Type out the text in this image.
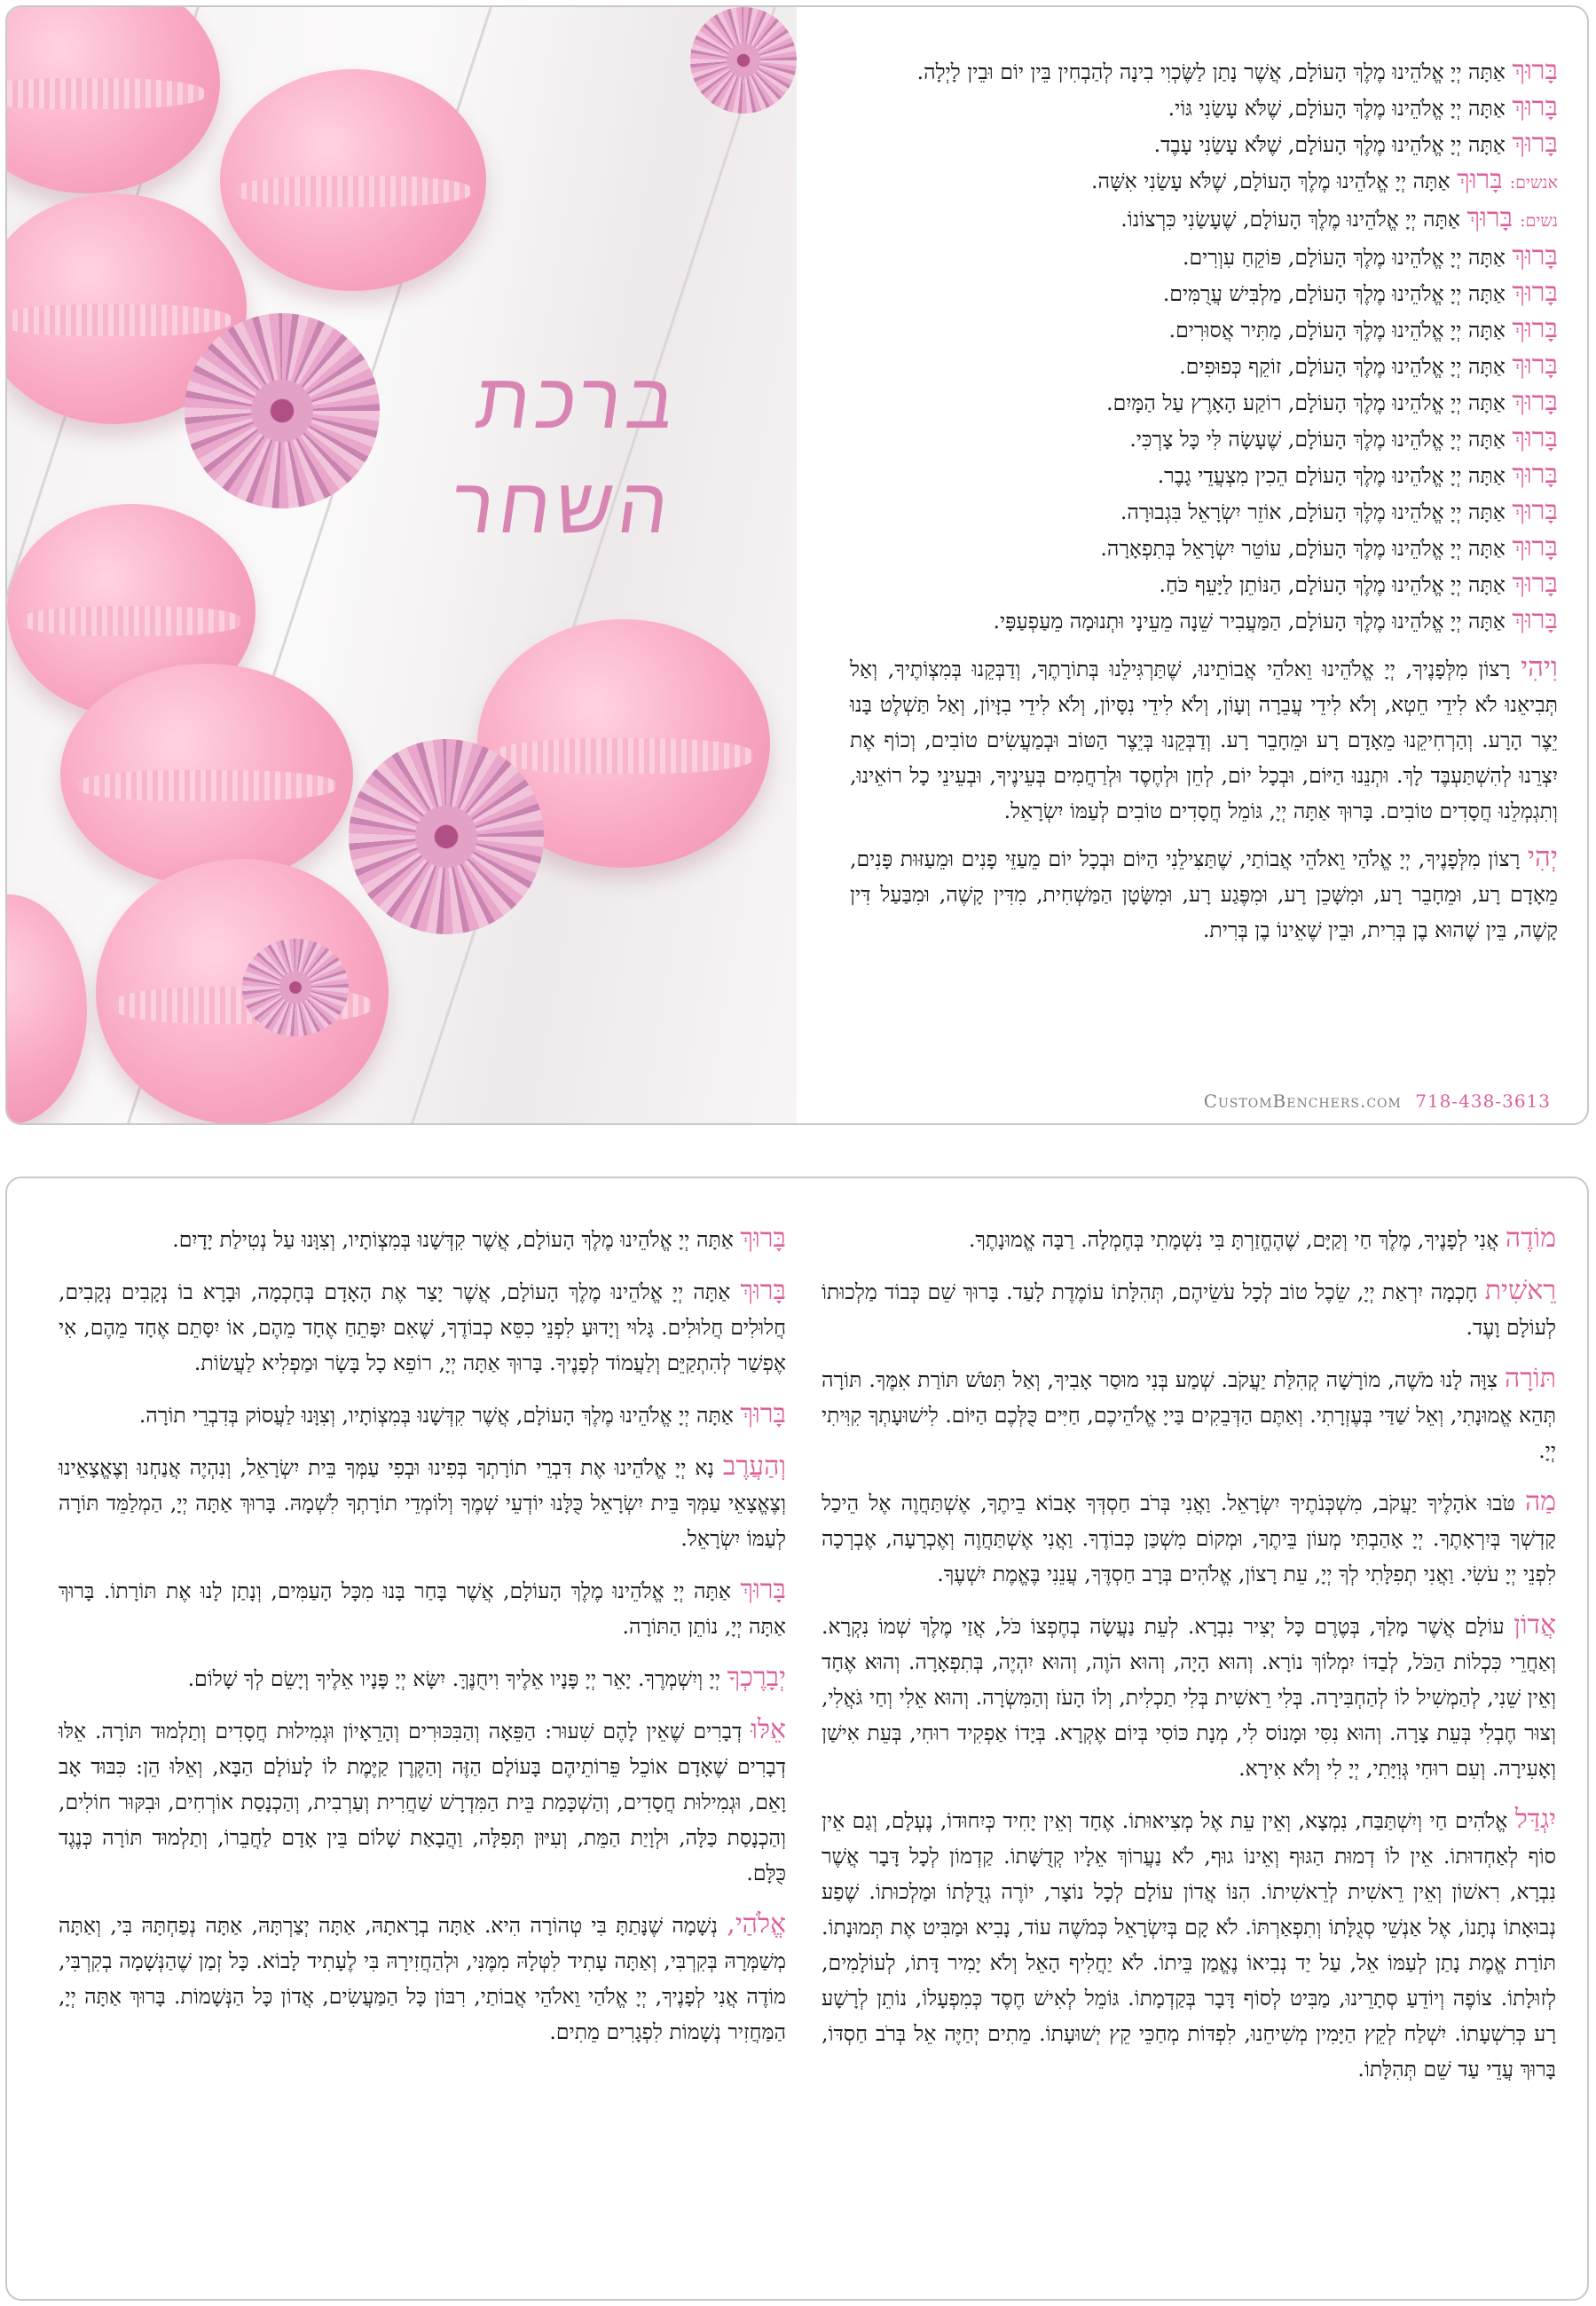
ברכת
השחר

בָּרוּךְ אַתָּה יְיָ אֱלֹהֵינוּ מֶלֶךְ הָעוֹלָם, אֲשֶׁר נָתַן לַשֶּׂכְוִי בִינָה לְהַבְחִין בֵּין יוֹם וּבֵין לָיְלָה.

בָּרוּךְ אַתָּה יְיָ אֱלֹהֵינוּ מֶלֶךְ הָעוֹלָם, שֶׁלֹּא עָשַׂנִי גּוֹי.

בָּרוּךְ אַתָּה יְיָ אֱלֹהֵינוּ מֶלֶךְ הָעוֹלָם, שֶׁלֹּא עָשַׂנִי עָבֶד.

אנשים:בָּרוּךְ אַתָּה יְיָ אֱלֹהֵינוּ מֶלֶךְ הָעוֹלָם, שֶׁלֹּא עָשַׂנִי אִשָּׁה.

נשים:בָּרוּךְ אַתָּה יְיָ אֱלֹהֵינוּ מֶלֶךְ הָעוֹלָם, שֶׁעָשַׂנִי כִּרְצוֹנוֹ.

בָּרוּךְ אַתָּה יְיָ אֱלֹהֵינוּ מֶלֶךְ הָעוֹלָם, פּוֹקֵחַ עִוְרִים.

בָּרוּךְ אַתָּה יְיָ אֱלֹהֵינוּ מֶלֶךְ הָעוֹלָם, מַלְבִּישׁ עֲרֻמִּים.

בָּרוּךְ אַתָּה יְיָ אֱלֹהֵינוּ מֶלֶךְ הָעוֹלָם, מַתִּיר אֲסוּרִים.

בָּרוּךְ אַתָּה יְיָ אֱלֹהֵינוּ מֶלֶךְ הָעוֹלָם, זוֹקֵף כְּפוּפִים.

בָּרוּךְ אַתָּה יְיָ אֱלֹהֵינוּ מֶלֶךְ הָעוֹלָם, רוֹקַע הָאָרֶץ עַל הַמָּיִם.

בָּרוּךְ אַתָּה יְיָ אֱלֹהֵינוּ מֶלֶךְ הָעוֹלָם, שֶׁעָשָׂה לִּי כָּל צָרְכִּי.

בָּרוּךְ אַתָּה יְיָ אֱלֹהֵינוּ מֶלֶךְ הָעוֹלָם הֵכִין מִצְעֲדֵי גָבֶר.

בָּרוּךְ אַתָּה יְיָ אֱלֹהֵינוּ מֶלֶךְ הָעוֹלָם, אוֹזֵר יִשְׂרָאֵל בִּגְבוּרָה.

בָּרוּךְ אַתָּה יְיָ אֱלֹהֵינוּ מֶלֶךְ הָעוֹלָם, עוֹטֵר יִשְׂרָאֵל בְּתִפְאָרָה.

בָּרוּךְ אַתָּה יְיָ אֱלֹהֵינוּ מֶלֶךְ הָעוֹלָם, הַנּוֹתֵן לַיָּעֵף כֹּחַ.

בָּרוּךְ אַתָּה יְיָ אֱלֹהֵינוּ מֶלֶךְ הָעוֹלָם, הַמַּעֲבִיר שֵׁנָה מֵעֵינָי וּתְנוּמָה מֵעַפְעַפָּי.

וִיהִי רָצוֹן מִלְּפָנֶיךָ, יְיָ אֱלֹהֵינוּ וֵאלֹהֵי אֲבוֹתֵינוּ, שֶׁתַּרְגִּילֵנוּ בְּתוֹרָתֶךָ, וְדַבְּקֵנוּ בְּמִצְוֹתֶיךָ, וְאַל תְּבִיאֵנוּ לֹא לִידֵי חֵטְא, וְלֹא לִידֵי עֲבֵרָה וְעָוֹן, וְלֹא לִידֵי נִסָּיוֹן, וְלֹא לִידֵי בִזָּיוֹן, וְאַל תַּשְׁלֶט בָּנוּ יֵצֶר הָרָע. וְהַרְחִיקֵנוּ מֵאָדָם רָע וּמֵחָבֵר רָע. וְדַבְּקֵנוּ בְּיֵצֶר הַטּוֹב וּבְמַעֲשִׂים טוֹבִים, וְכוֹף אֶת יִצְרֵנוּ לְהִשְׁתַּעְבֶּד לָךְ. וּתְנֵנוּ הַיּוֹם, וּבְכָל יוֹם, לְחֵן וּלְחֶסֶד וּלְרַחֲמִים בְּעֵינֶיךָ, וּבְעֵינֵי כָל רוֹאֵינוּ, וְתִגְמְלֵנוּ חֲסָדִים טוֹבִים. בָּרוּךְ אַתָּה יְיָ, גּוֹמֵל חֲסָדִים טוֹבִים לְעַמּוֹ יִשְׂרָאֵל.

יְהִי רָצוֹן מִלְּפָנֶיךָ, יְיָ אֱלֹהַי וֵאלֹהֵי אֲבוֹתַי, שֶׁתַּצִּילֵנִי הַיּוֹם וּבְכָל יוֹם מֵעַזֵּי פָנִים וּמֵעַזּוּת פָּנִים, מֵאָדָם רָע, וּמֵחָבֵר רָע, וּמִשָּׁכֵן רָע, וּמִפֶּגַע רָע, וּמִשָּׂטָן הַמַּשְׁחִית, מִדִּין קָשֶׁה, וּמִבַּעַל דִּין קָשֶׁה, בֵּין שֶׁהוּא בֶן בְּרִית, וּבֵין שֶׁאֵינוֹ בֶן בְּרִית.

CustomBenchers.com 718-438-3613

מוֹדֶה אֲנִי לְפָנֶיךָ, מֶלֶךְ חַי וְקַיָּם, שֶׁהֶחֱזַרְתָּ בִּי נִשְׁמָתִי בְּחֶמְלָה. רַבָּה אֱמוּנָתֶךָ.

רֵאשִׁית חָכְמָה יִרְאַת יְיָ, שֵׂכֶל טוֹב לְכָל עֹשֵׂיהֶם, תְּהִלָּתוֹ עוֹמֶדֶת לָעַד. בָּרוּךְ שֵׁם כְּבוֹד מַלְכוּתוֹ לְעוֹלָם וָעֶד.

תּוֹרָה צִוָּה לָנוּ מֹשֶׁה, מוֹרָשָׁה קְהִלַּת יַעֲקֹב. שְׁמַע בְּנִי מוּסַר אָבִיךָ, וְאַל תִּטֹּשׁ תּוֹרַת אִמֶּךָ. תּוֹרָה תְּהֵא אֱמוּנָתִי, וְאֵל שַׁדַּי בְּעֶזְרָתִי. וְאַתֶּם הַדְּבֵקִים בַּייָ אֱלֹהֵיכֶם, חַיִּים כֻּלְּכֶם הַיּוֹם. לִישׁוּעָתְךָ קִוִּיתִי יְיָ.

מַה טֹּבוּ אֹהָלֶיךָ יַעֲקֹב, מִשְׁכְּנֹתֶיךָ יִשְׂרָאֵל. וַאֲנִי בְּרֹב חַסְדְּךָ אָבוֹא בֵיתֶךָ, אֶשְׁתַּחֲוֶה אֶל הֵיכַל קָדְשְׁךָ בְּיִרְאָתֶךָ. יְיָ אָהַבְתִּי מְעוֹן בֵּיתֶךָ, וּמְקוֹם מִשְׁכַּן כְּבוֹדֶךָ. וַאֲנִי אֶשְׁתַּחֲוֶה וְאֶכְרָעָה, אֶבְרְכָה לִפְנֵי יְיָ עֹשִׂי. וַאֲנִי תְפִלָּתִי לְךָ יְיָ, עֵת רָצוֹן, אֱלֹהִים בְּרָב חַסְדֶּךָ, עֲנֵנִי בֶּאֱמֶת יִשְׁעֶךָ.

אֲדוֹן עוֹלָם אֲשֶׁר מָלַךְ, בְּטֶרֶם כָּל יְצִיר נִבְרָא. לְעֵת נַעֲשָׂה בְחֶפְצוֹ כֹּל, אֲזַי מֶלֶךְ שְׁמוֹ נִקְרָא. וְאַחֲרֵי כִּכְלוֹת הַכֹּל, לְבַדּוֹ יִמְלוֹךְ נוֹרָא. וְהוּא הָיָה, וְהוּא הֹוֶה, וְהוּא יִהְיֶה, בְּתִפְאָרָה. וְהוּא אֶחָד וְאֵין שֵׁנִי, לְהַמְשִׁיל לוֹ לְהַחְבִּירָה. בְּלִי רֵאשִׁית בְּלִי תַכְלִית, וְלוֹ הָעֹז וְהַמִּשְׂרָה. וְהוּא אֵלִי וְחַי גֹּאֲלִי, וְצוּר חֶבְלִי בְּעֵת צָרָה. וְהוּא נִסִּי וּמָנוֹס לִי, מְנָת כּוֹסִי בְּיוֹם אֶקְרָא. בְּיָדוֹ אַפְקִיד רוּחִי, בְּעֵת אִישַׁן וְאָעִירָה. וְעִם רוּחִי גְּוִיָּתִי, יְיָ לִי וְלֹא אִירָא.

יִגְדַּל אֱלֹהִים חַי וְיִשְׁתַּבַּח, נִמְצָא, וְאֵין עֵת אֶל מְצִיאוּתוֹ. אֶחָד וְאֵין יָחִיד כְּיִחוּדוֹ, נֶעְלָם, וְגַם אֵין סוֹף לְאַחְדוּתוֹ. אֵין לוֹ דְמוּת הַגּוּף וְאֵינוֹ גוּף, לֹא נַעֲרוֹךְ אֵלָיו קְדֻשָּׁתוֹ. קַדְמוֹן לְכָל דָּבָר אֲשֶׁר נִבְרָא, רִאשׁוֹן וְאֵין רֵאשִׁית לְרֵאשִׁיתוֹ. הִנּוֹ אֲדוֹן עוֹלָם לְכָל נוֹצָר, יוֹרֶה גְדֻלָּתוֹ וּמַלְכוּתוֹ. שֶׁפַע נְבוּאָתוֹ נְתָנוֹ, אֶל אַנְשֵׁי סְגֻלָּתוֹ וְתִפְאַרְתּוֹ. לֹא קָם בְּיִשְׂרָאֵל כְּמֹשֶׁה עוֹד, נָבִיא וּמַבִּיט אֶת תְּמוּנָתוֹ. תּוֹרַת אֱמֶת נָתַן לְעַמּוֹ אֵל, עַל יַד נְבִיאוֹ נֶאֱמַן בֵּיתוֹ. לֹא יַחֲלִיף הָאֵל וְלֹא יָמִיר דָּתוֹ, לְעוֹלָמִים, לְזוּלָתוֹ. צוֹפֶה וְיוֹדֵעַ סְתָרֵינוּ, מַבִּיט לְסוֹף דָּבָר בְּקַדְמָתוֹ. גּוֹמֵל לְאִישׁ חֶסֶד כְּמִפְעָלוֹ, נוֹתֵן לְרָשָׁע רָע כְּרִשְׁעָתוֹ. יִשְׁלַח לְקֵץ הַיָּמִין מְשִׁיחֵנוּ, לִפְדּוֹת מְחַכֵּי קֵץ יְשׁוּעָתוֹ. מֵתִים יְחַיֶּה אֵל בְּרֹב חַסְדּוֹ, בָּרוּךְ עֲדֵי עַד שֵׁם תְּהִלָּתוֹ.

בָּרוּךְ אַתָּה יְיָ אֱלֹהֵינוּ מֶלֶךְ הָעוֹלָם, אֲשֶׁר קִדְּשָׁנוּ בְּמִצְוֹתָיו, וְצִוָּנוּ עַל נְטִילַת יָדָיִם.

בָּרוּךְ אַתָּה יְיָ אֱלֹהֵינוּ מֶלֶךְ הָעוֹלָם, אֲשֶׁר יָצַר אֶת הָאָדָם בְּחָכְמָה, וּבָרָא בוֹ נְקָבִים נְקָבִים, חֲלוּלִים חֲלוּלִים. גָּלוּי וְיָדוּעַ לִפְנֵי כִסֵּא כְבוֹדֶךָ, שֶׁאִם יִפָּתֵחַ אֶחָד מֵהֶם, אוֹ יִסָּתֵם אֶחָד מֵהֶם, אִי אֶפְשַׁר לְהִתְקַיֵּם וְלַעֲמוֹד לְפָנֶיךָ. בָּרוּךְ אַתָּה יְיָ, רוֹפֵא כָל בָּשָׂר וּמַפְלִיא לַעֲשׂוֹת.

בָּרוּךְ אַתָּה יְיָ אֱלֹהֵינוּ מֶלֶךְ הָעוֹלָם, אֲשֶׁר קִדְּשָׁנוּ בְּמִצְוֹתָיו, וְצִוָּנוּ לַעֲסוֹק בְּדִבְרֵי תוֹרָה.

וְהַעֲרֶב נָא יְיָ אֱלֹהֵינוּ אֶת דִּבְרֵי תוֹרָתְךָ בְּפִינוּ וּבְפִי עַמְּךָ בֵּית יִשְׂרָאֵל, וְנִהְיֶה אֲנַחְנוּ וְצֶאֱצָאֵינוּ וְצֶאֱצָאֵי עַמְּךָ בֵּית יִשְׂרָאֵל כֻּלָּנוּ יוֹדְעֵי שְׁמֶךָ וְלוֹמְדֵי תוֹרָתְךָ לִשְׁמָהּ. בָּרוּךְ אַתָּה יְיָ, הַמְלַמֵּד תּוֹרָה לְעַמּוֹ יִשְׂרָאֵל.

בָּרוּךְ אַתָּה יְיָ אֱלֹהֵינוּ מֶלֶךְ הָעוֹלָם, אֲשֶׁר בָּחַר בָּנוּ מִכָּל הָעַמִּים, וְנָתַן לָנוּ אֶת תּוֹרָתוֹ. בָּרוּךְ אַתָּה יְיָ, נוֹתֵן הַתּוֹרָה.

יְבָרֶכְךָ יְיָ וְיִשְׁמְרֶךָ. יָאֵר יְיָ פָּנָיו אֵלֶיךָ וִיחֻנֶּךָּ. יִשָּׂא יְיָ פָּנָיו אֵלֶיךָ וְיָשֵׂם לְךָ שָׁלוֹם.

אֵלּוּ דְבָרִים שֶׁאֵין לָהֶם שִׁעוּר: הַפֵּאָה וְהַבִּכּוּרִים וְהָרֵאָיוֹן וּגְמִילוּת חֲסָדִים וְתַלְמוּד תּוֹרָה. אֵלּוּ דְבָרִים שֶׁאָדָם אוֹכֵל פֵּרוֹתֵיהֶם בָּעוֹלָם הַזֶּה וְהַקֶּרֶן קַיֶּמֶת לוֹ לָעוֹלָם הַבָּא, וְאֵלּוּ הֵן: כִּבּוּד אָב וָאֵם, וּגְמִילוּת חֲסָדִים, וְהַשְׁכָּמַת בֵּית הַמִּדְרָשׁ שַׁחֲרִית וְעַרְבִית, וְהַכְנָסַת אוֹרְחִים, וּבִקּוּר חוֹלִים, וְהַכְנָסַת כַּלָּה, וּלְוָיַת הַמֵּת, וְעִיּוּן תְּפִלָּה, וַהֲבָאַת שָׁלוֹם בֵּין אָדָם לַחֲבֵרוֹ, וְתַלְמוּד תּוֹרָה כְּנֶגֶד כֻּלָּם.

אֱלֹהַי, נְשָׁמָה שֶׁנָּתַתָּ בִּי טְהוֹרָה הִיא. אַתָּה בְרָאתָהּ, אַתָּה יְצַרְתָּהּ, אַתָּה נְפַחְתָּהּ בִּי, וְאַתָּה מְשַׁמְּרָהּ בְּקִרְבִּי, וְאַתָּה עָתִיד לִטְּלָהּ מִמֶּנִּי, וּלְהַחֲזִירָהּ בִּי לֶעָתִיד לָבוֹא. כָּל זְמַן שֶׁהַנְּשָׁמָה בְקִרְבִּי, מוֹדֶה אֲנִי לְפָנֶיךָ, יְיָ אֱלֹהַי וֵאלֹהֵי אֲבוֹתַי, רִבּוֹן כָּל הַמַּעֲשִׂים, אֲדוֹן כָּל הַנְּשָׁמוֹת. בָּרוּךְ אַתָּה יְיָ, הַמַּחֲזִיר נְשָׁמוֹת לִפְגָרִים מֵתִים.
